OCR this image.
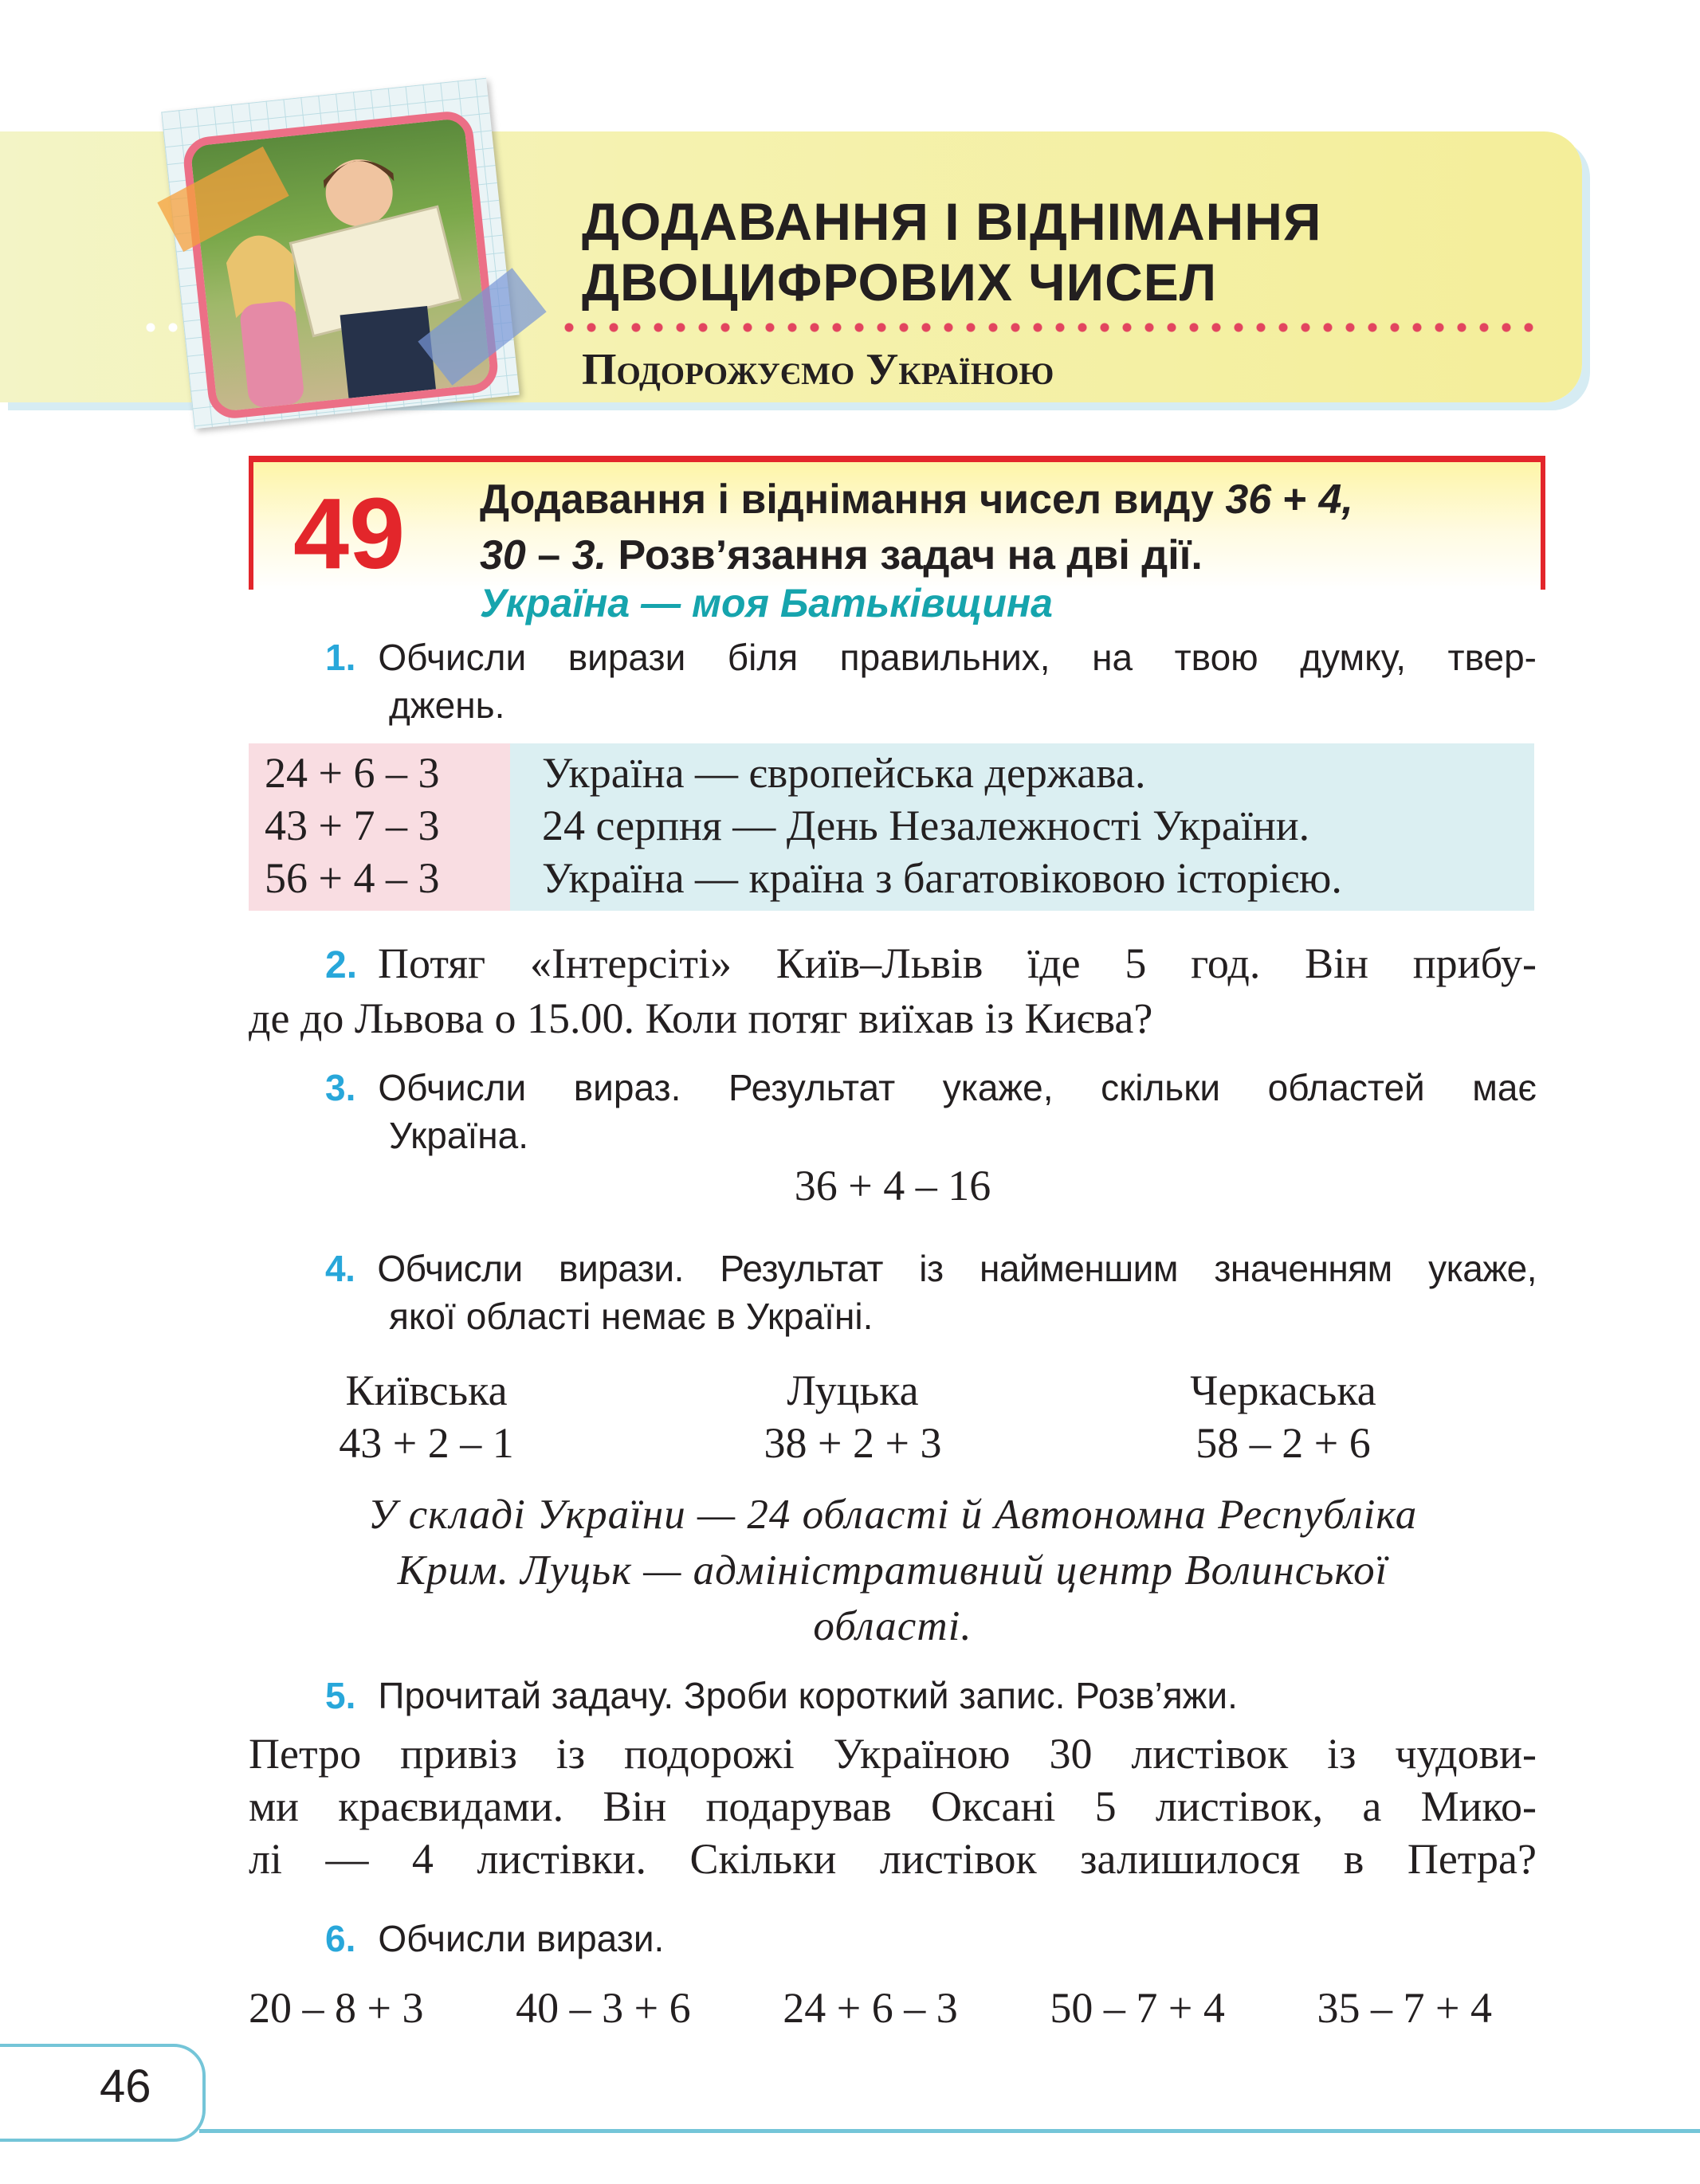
ДОДАВАННЯ І ВІДНІМАННЯ
ДВОЦИФРОВИХ ЧИСЕЛ
Подорожуємо Україною
49 Додавання і віднімання чисел виду 36 + 4,
30 – 3. Розв’язання задач на дві дії.
Україна — моя Батьківщина
1. Обчисли вирази біля правильних, на твою думку, твер-
джень.
24 + 6 – 3 Україна — європейська держава.
43 + 7 – 3 24 серпня — День Незалежності України.
56 + 4 – 3 Україна — країна з багатовіковою історією.
2. Потяг «Інтерсіті» Київ–Львів їде 5 год. Він прибу-
де до Львова о 15.00. Коли потяг виїхав із Києва?
3. Обчисли вираз. Результат укаже, скільки областей має
Україна.
36 + 4 – 16
4. Обчисли вирази. Результат із найменшим значенням укаже,
якої області немає в Україні.
Київська
43 + 2 – 1
Луцька
38 + 2 + 3
Черкаська
58 – 2 + 6
У складі України — 24 області й Автономна Республіка
Крим. Луцьк — адміністративний центр Волинської
області.
5. Прочитай задачу. Зроби короткий запис. Розв’яжи.
Петро привіз із подорожі Україною 30 листівок із чудови-
ми краєвидами. Він подарував Оксані 5 листівок, а Мико-
лі — 4 листівки. Скільки листівок залишилося в Петра?
6. Обчисли вирази.
20 – 8 + 3 40 – 3 + 6 24 + 6 – 3 50 – 7 + 4 35 – 7 + 4
46
